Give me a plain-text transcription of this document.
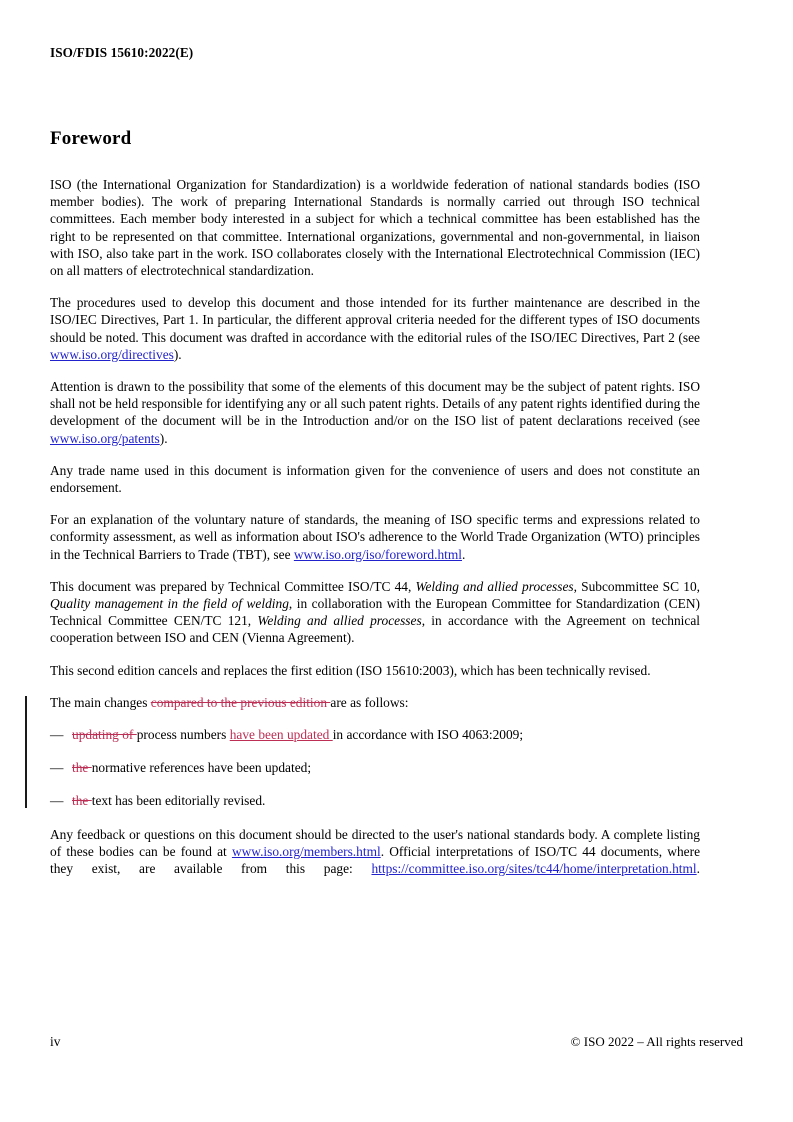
ISO/FDIS 15610:2022(E)
Foreword

ISO (the International Organization for Standardization) is a worldwide federation of national standards bodies (ISO member bodies). The work of preparing International Standards is normally carried out through ISO technical committees. Each member body interested in a subject for which a technical committee has been established has the right to be represented on that committee. International organizations, governmental and non-governmental, in liaison with ISO, also take part in the work. ISO collaborates closely with the International Electrotechnical Commission (IEC) on all matters of electrotechnical standardization.

The procedures used to develop this document and those intended for its further maintenance are described in the ISO/IEC Directives, Part 1. In particular, the different approval criteria needed for the different types of ISO documents should be noted. This document was drafted in accordance with the editorial rules of the ISO/IEC Directives, Part 2 (see www.iso.org/directives).

Attention is drawn to the possibility that some of the elements of this document may be the subject of patent rights. ISO shall not be held responsible for identifying any or all such patent rights. Details of any patent rights identified during the development of the document will be in the Introduction and/or on the ISO list of patent declarations received (see www.iso.org/patents).

Any trade name used in this document is information given for the convenience of users and does not constitute an endorsement.

For an explanation of the voluntary nature of standards, the meaning of ISO specific terms and expressions related to conformity assessment, as well as information about ISO's adherence to the World Trade Organization (WTO) principles in the Technical Barriers to Trade (TBT), see www.iso.org/iso/foreword.html.

This document was prepared by Technical Committee ISO/TC 44, Welding and allied processes, Subcommittee SC 10, Quality management in the field of welding, in collaboration with the European Committee for Standardization (CEN) Technical Committee CEN/TC 121, Welding and allied processes, in accordance with the Agreement on technical cooperation between ISO and CEN (Vienna Agreement).

This second edition cancels and replaces the first edition (ISO 15610:2003), which has been technically revised.

The main changes compared to the previous edition are as follows:

— updating of process numbers have been updated in accordance with ISO 4063:2009;
— the normative references have been updated;
— the text has been editorially revised.

Any feedback or questions on this document should be directed to the user's national standards body. A complete listing of these bodies can be found at www.iso.org/members.html. Official interpretations of ISO/TC 44 documents, where they exist, are available from this page: https://committee.iso.org/sites/tc44/home/interpretation.html.

iv	© ISO 2022 – All rights reserved
